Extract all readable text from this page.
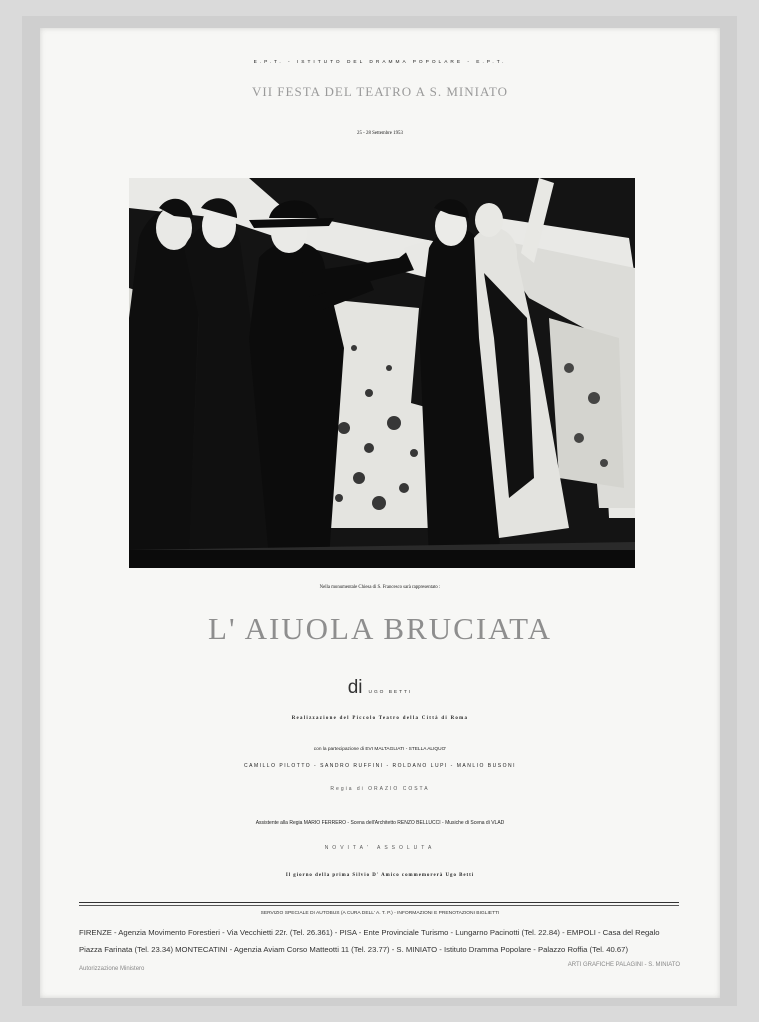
E.P.T. - ISTITUTO DEL DRAMMA POPOLARE - E.P.T.
VII FESTA DEL TEATRO A S. MINIATO
25 - 28 Settembre 1953
Nella monumentale Chiesa di S. Francesco sarà rappresentato :
L' AIUOLA BRUCIATA
di UGO BETTI
Realizzazione del Piccolo Teatro della Città di Roma
con la partecipazione di EVI MALTAGLIATI - STELLA ALIQUO'
CAMILLO PILOTTO - SANDRO RUFFINI - ROLDANO LUPI - MANLIO BUSONI
Regia di ORAZIO COSTA
Assistente alla Regia MARIO FERRERO - Scena dell'Architetto RENZO BELLUCCI - Musiche di Scena di VLAD
NOVITA' ASSOLUTA
Il giorno della prima Silvio D' Amico commemorerà Ugo Betti
SERVIZIO SPECIALE DI AUTOBUS (A CURA DELL' A. T. P.) - INFORMAZIONI E PRENOTAZIONI BIGLIETTI
FIRENZE - Agenzia Movimento Forestieri - Via Vecchietti 22r. (Tel. 26.361) - PISA - Ente Provinciale Turismo - Lungarno Pacinotti (Tel. 22.84) - EMPOLI - Casa del Regalo
Piazza Farinata (Tel. 23.34) MONTECATINI - Agenzia Aviam Corso Matteotti 11 (Tel. 23.77) - S. MINIATO - Istituto Dramma Popolare - Palazzo Roffia (Tel. 40.67)
Autorizzazione Ministero
ARTI GRAFICHE PALAGINI - S. MINIATO
